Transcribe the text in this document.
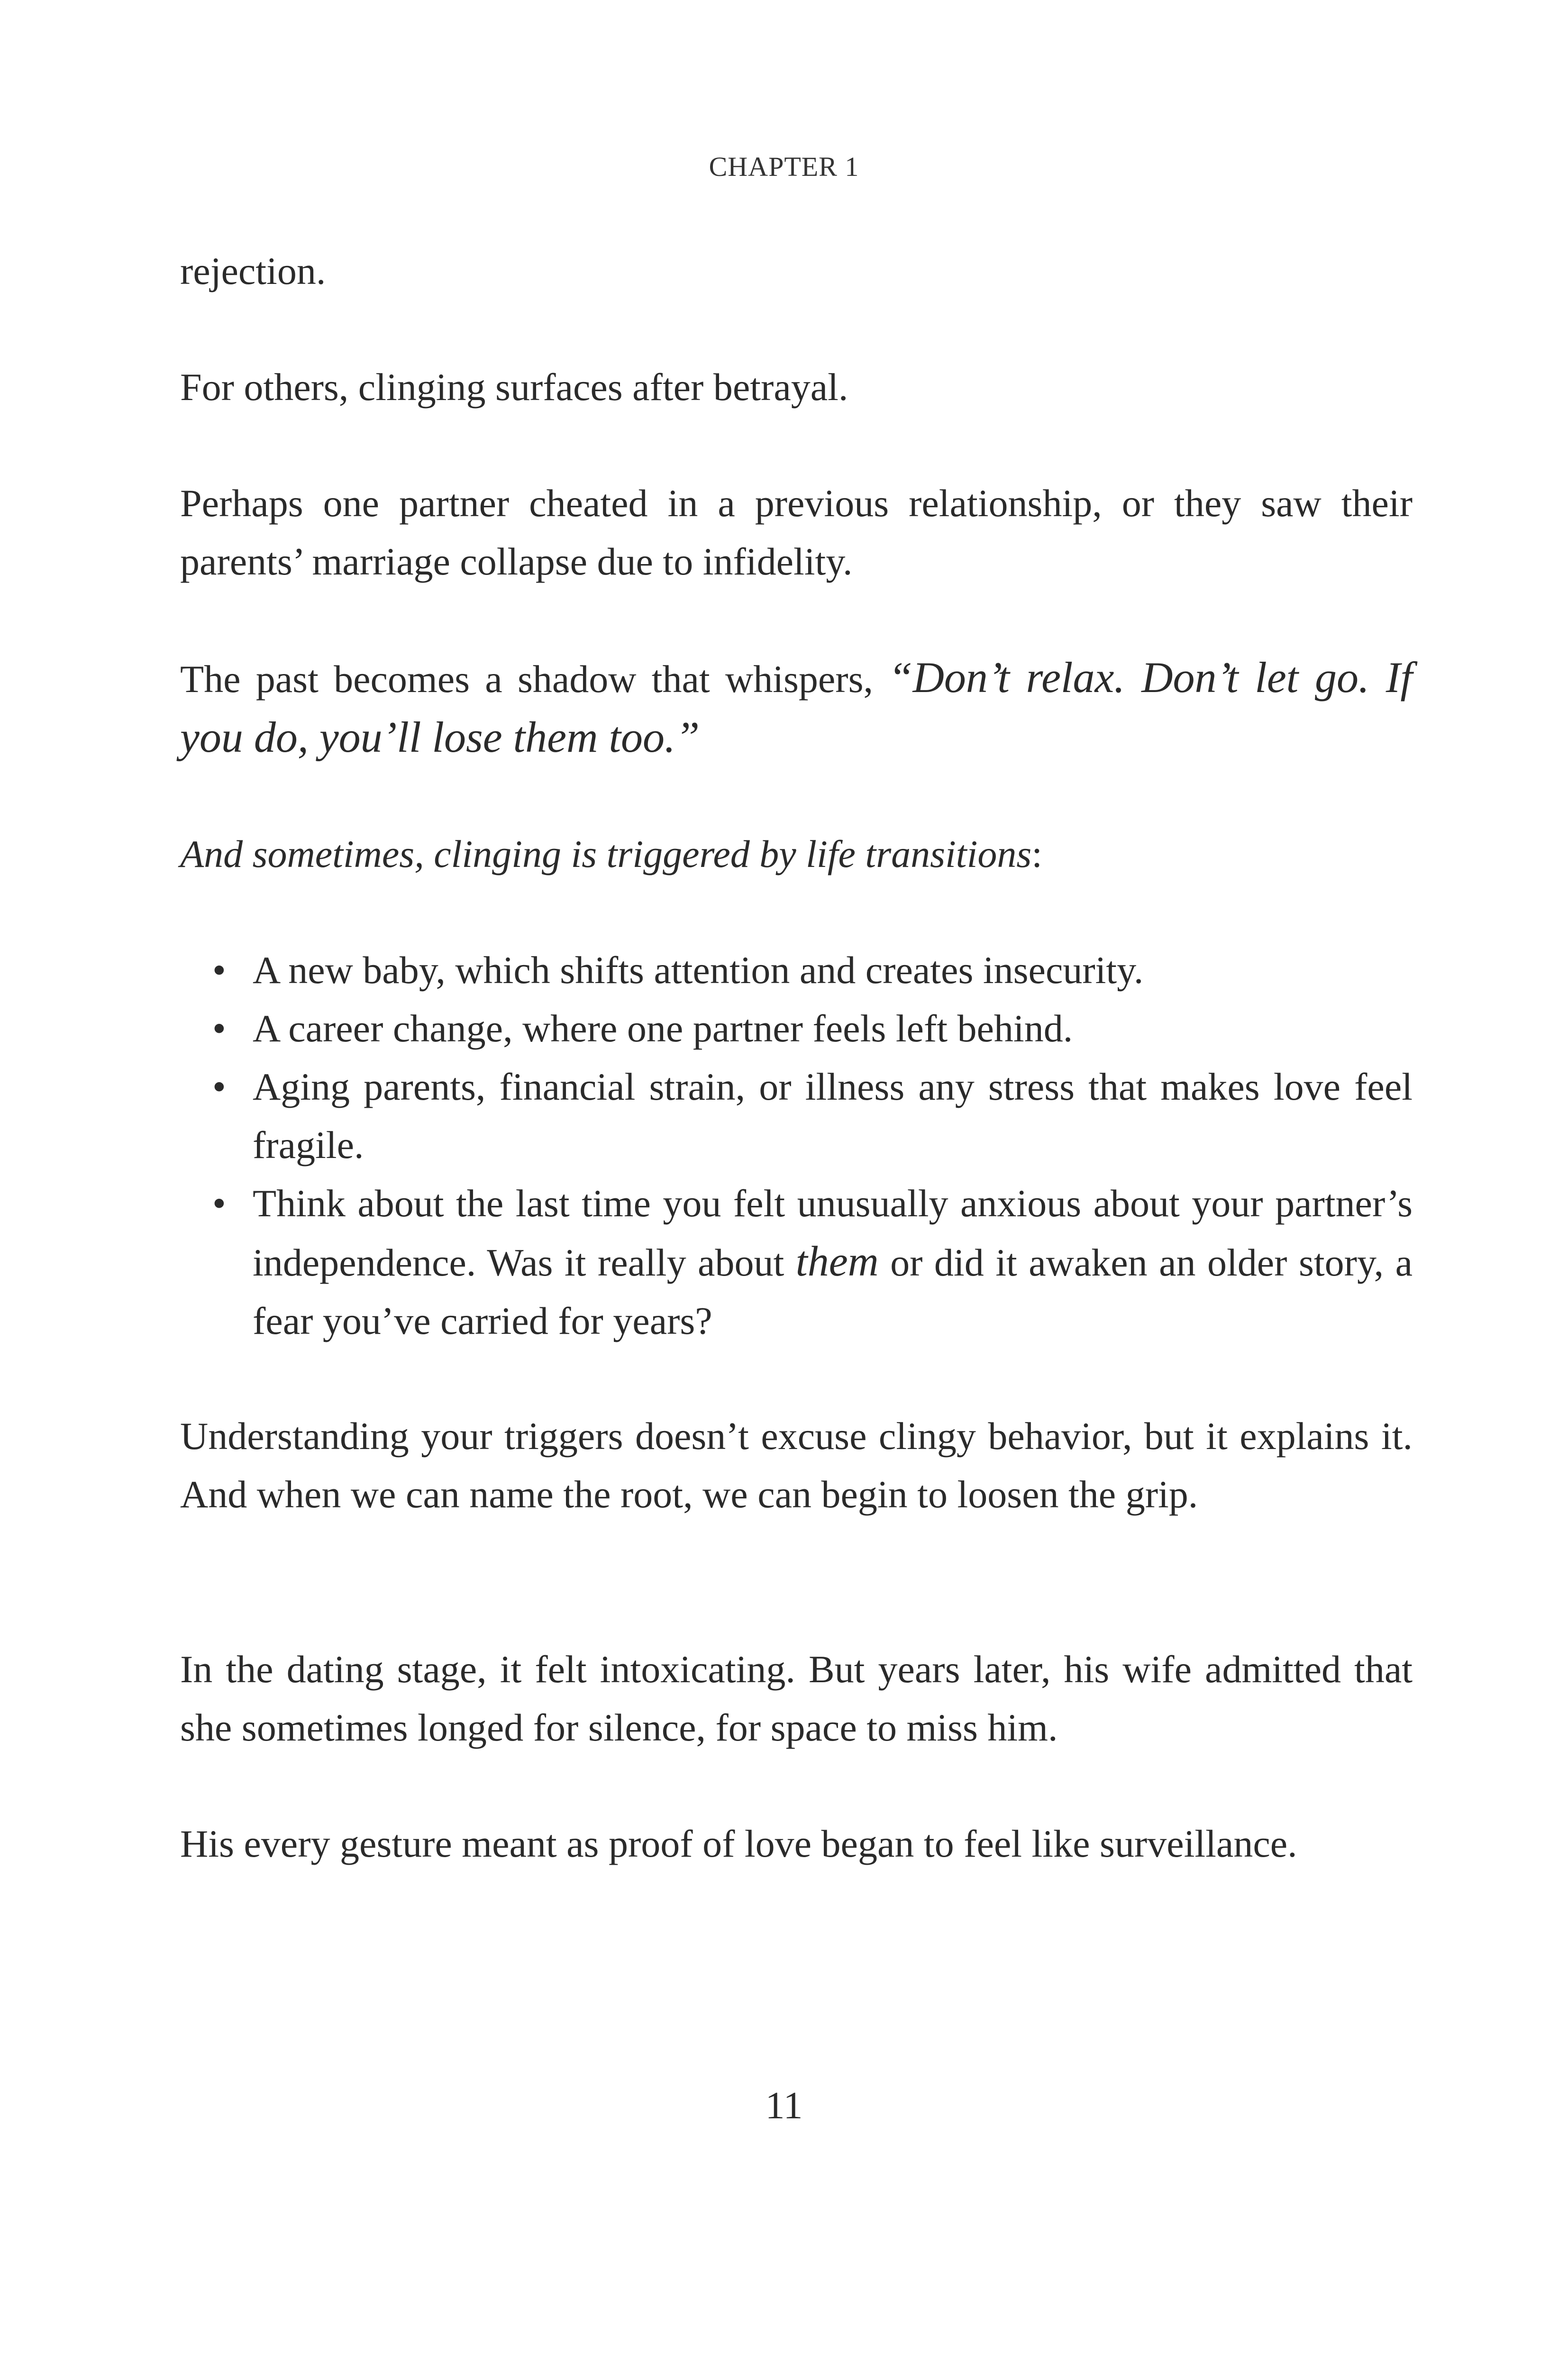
CHAPTER 1

rejection.

For others, clinging surfaces after betrayal.

Perhaps one partner cheated in a previous relationship, or they saw their parents’ marriage collapse due to infidelity.

The past becomes a shadow that whispers, “Don’t relax. Don’t let go. If you do, you’ll lose them too.”

And sometimes, clinging is triggered by life transitions:

• A new baby, which shifts attention and creates insecurity.
• A career change, where one partner feels left behind.
• Aging parents, financial strain, or illness any stress that makes love feel fragile.
• Think about the last time you felt unusually anxious about your partner’s independence. Was it really about them or did it awaken an older story, a fear you’ve carried for years?

Understanding your triggers doesn’t excuse clingy behavior, but it explains it. And when we can name the root, we can begin to loosen the grip.

In the dating stage, it felt intoxicating. But years later, his wife admitted that she sometimes longed for silence, for space to miss him.

His every gesture meant as proof of love began to feel like surveillance.

11
